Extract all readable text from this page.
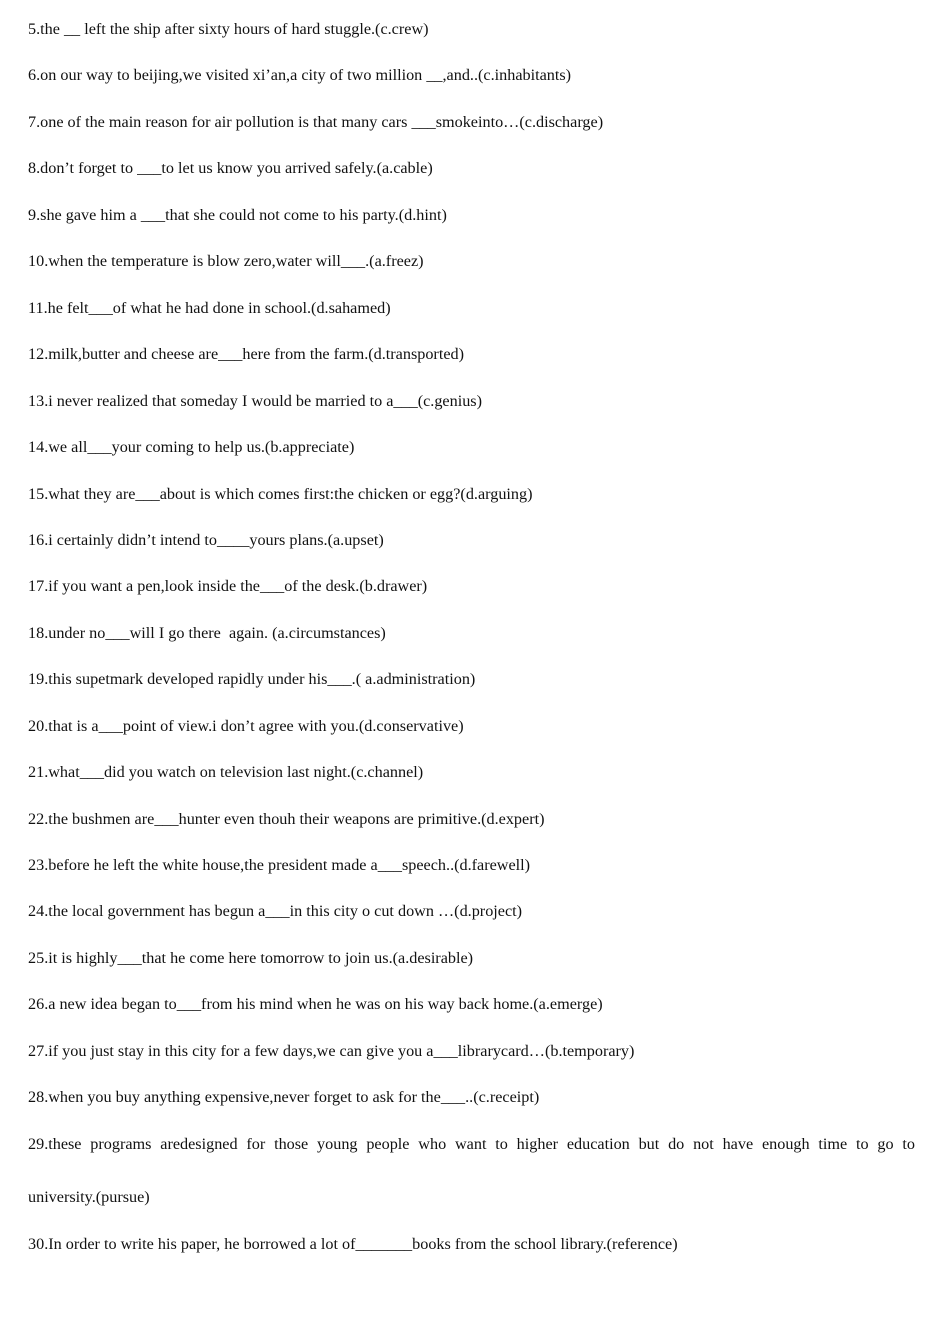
5.the __ left the ship after sixty hours of hard stuggle.(c.crew)
6.on our way to beijing,we visited xi’an,a city of two million __,and..(c.inhabitants)
7.one of the main reason for air pollution is that many cars ___smokeinto…(c.discharge)
8.don’t forget to ___to let us know you arrived safely.(a.cable)
9.she gave him a ___that she could not come to his party.(d.hint)
10.when the temperature is blow zero,water will___.(a.freez)
11.he felt___of what he had done in school.(d.sahamed)
12.milk,butter and cheese are___here from the farm.(d.transported)
13.i never realized that someday I would be married to a___(c.genius)
14.we all___your coming to help us.(b.appreciate)
15.what they are___about is which comes first:the chicken or egg?(d.arguing)
16.i certainly didn’t intend to____yours plans.(a.upset)
17.if you want a pen,look inside the___of the desk.(b.drawer)
18.under no___will I go there  again. (a.circumstances)
19.this supetmark developed rapidly under his___.( a.administration)
20.that is a___point of view.i don’t agree with you.(d.conservative)
21.what___did you watch on television last night.(c.channel)
22.the bushmen are___hunter even thouh their weapons are primitive.(d.expert)
23.before he left the white house,the president made a___speech..(d.farewell)
24.the local government has begun a___in this city o cut down …(d.project)
25.it is highly___that he come here tomorrow to join us.(a.desirable)
26.a new idea began to___from his mind when he was on his way back home.(a.emerge)
27.if you just stay in this city for a few days,we can give you a___librarycard…(b.temporary)
28.when you buy anything expensive,never forget to ask for the___..(c.receipt)
29.these programs aredesigned for those young people who want to higher education but do not have enough time to go to
university.(pursue)
30.In order to write his paper, he borrowed a lot of_______books from the school library.(reference)
